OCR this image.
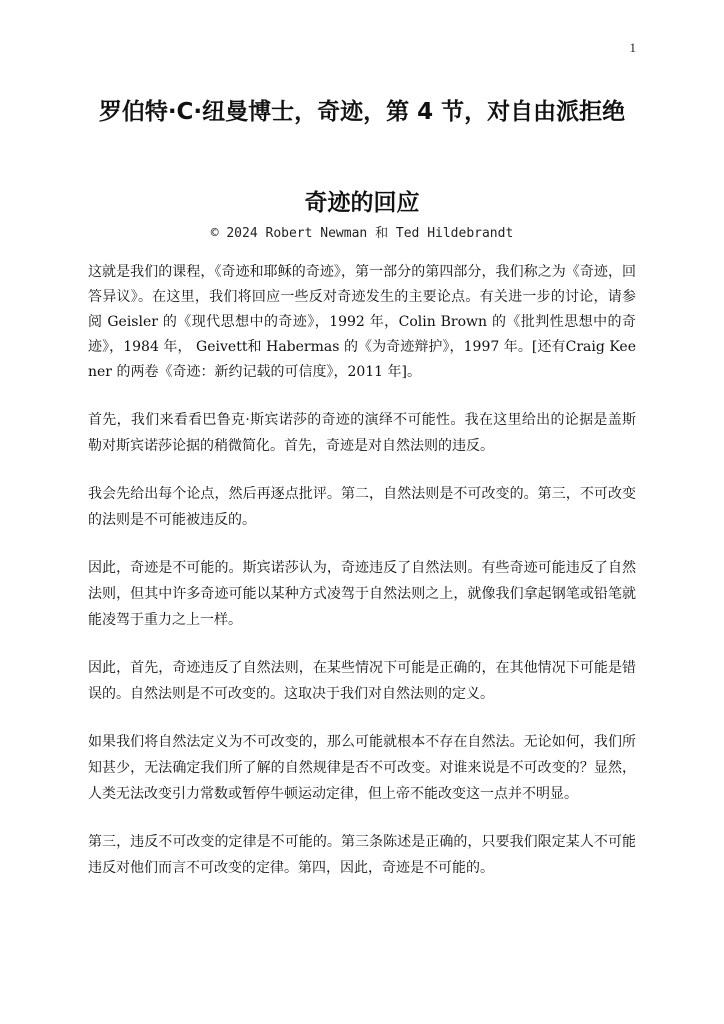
1
罗伯特·C·纽曼博士，奇迹，第 4 节，对自由派拒绝
奇迹的回应
© 2024 Robert Newman 和 Ted Hildebrandt

这就是我们的课程，《奇迹和耶稣的奇迹》，第一部分的第四部分，我们称之为《奇迹，回答异议》。在这里，我们将回应一些反对奇迹发生的主要论点。有关进一步的讨论，请参阅 Geisler 的《现代思想中的奇迹》，1992 年，Colin Brown 的《批判性思想中的奇迹》，1984 年， Geivett和 Habermas 的《为奇迹辩护》，1997 年。[还有Craig Keener 的两卷《奇迹：新约记载的可信度》，2011 年]。

首先，我们来看看巴鲁克·斯宾诺莎的奇迹的演绎不可能性。我在这里给出的论据是盖斯勒对斯宾诺莎论据的稍微简化。首先，奇迹是对自然法则的违反。

我会先给出每个论点，然后再逐点批评。第二，自然法则是不可改变的。第三，不可改变的法则是不可能被违反的。

因此，奇迹是不可能的。斯宾诺莎认为，奇迹违反了自然法则。有些奇迹可能违反了自然法则，但其中许多奇迹可能以某种方式凌驾于自然法则之上，就像我们拿起钢笔或铅笔就能凌驾于重力之上一样。

因此，首先，奇迹违反了自然法则，在某些情况下可能是正确的，在其他情况下可能是错误的。自然法则是不可改变的。这取决于我们对自然法则的定义。

如果我们将自然法定义为不可改变的，那么可能就根本不存在自然法。无论如何，我们所知甚少，无法确定我们所了解的自然规律是否不可改变。对谁来说是不可改变的？显然，人类无法改变引力常数或暂停牛顿运动定律，但上帝不能改变这一点并不明显。

第三，违反不可改变的定律是不可能的。第三条陈述是正确的，只要我们限定某人不可能违反对他们而言不可改变的定律。第四，因此，奇迹是不可能的。
